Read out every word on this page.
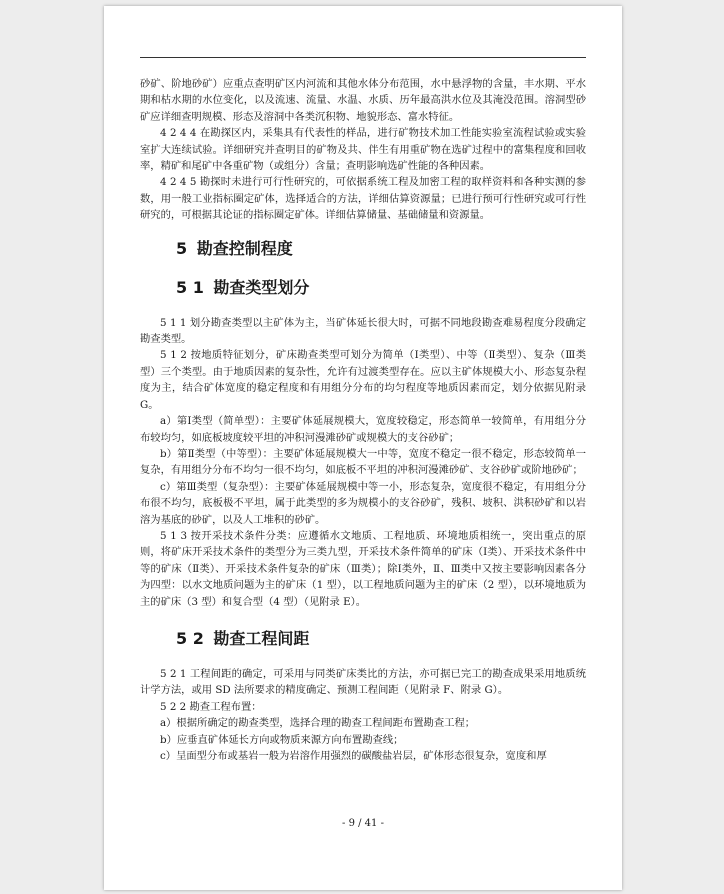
砂矿、阶地砂矿）应重点查明矿区内河流和其他水体分布范围，水中悬浮物的含量，丰水期、平水期和枯水期的水位变化，以及流速、流量、水温、水质、历年最高洪水位及其淹没范围。溶洞型砂矿应详细查明规模、形态及溶洞中各类沉积物、地貌形态、富水特征。

4 2 4 4 在勘探区内，采集具有代表性的样品，进行矿物技术加工性能实验室流程试验或实验室扩大连续试验。详细研究并查明目的矿物及共、伴生有用重矿物在选矿过程中的富集程度和回收率，精矿和尾矿中各重矿物（或组分）含量；查明影响选矿性能的各种因素。

4 2 4 5 勘探时未进行可行性研究的，可依据系统工程及加密工程的取样资料和各种实测的参数，用一般工业指标圈定矿体，选择适合的方法，详细估算资源量；已进行预可行性研究或可行性研究的，可根据其论证的指标圈定矿体。详细估算储量、基础储量和资源量。

5 勘查控制程度
5 1 勘查类型划分

5 1 1 划分勘查类型以主矿体为主，当矿体延长很大时，可据不同地段勘查难易程度分段确定勘查类型。

5 1 2 按地质特征划分，矿床勘查类型可划分为简单（Ⅰ类型）、中等（Ⅱ类型）、复杂（Ⅲ类型）三个类型。由于地质因素的复杂性，允许有过渡类型存在。应以主矿体规模大小、形态复杂程度为主，结合矿体宽度的稳定程度和有用组分分布的均匀程度等地质因素而定，划分依据见附录 G。

a）第Ⅰ类型（简单型）：主要矿体延展规模大，宽度较稳定，形态简单一较简单，有用组分分布较均匀，如底板坡度较平坦的冲积河漫滩砂矿或规模大的支谷砂矿；

b）第Ⅱ类型（中等型）：主要矿体延展规模大一中等，宽度不稳定一很不稳定，形态较简单一复杂，有用组分分布不均匀一很不均匀，如底板不平坦的冲积河漫滩砂矿、支谷砂矿或阶地砂矿；

c）第Ⅲ类型（复杂型）：主要矿体延展规模中等一小，形态复杂，宽度很不稳定，有用组分分布很不均匀，底板极不平坦，属于此类型的多为规模小的支谷砂矿，残积、坡积、洪积砂矿和以岩溶为基底的砂矿，以及人工堆积的砂矿。

5 1 3 按开采技术条件分类：应遵循水文地质、工程地质、环境地质相统一，突出重点的原则，将矿床开采技术条件的类型分为三类九型，开采技术条件简单的矿床（Ⅰ类）、开采技术条件中等的矿床（Ⅱ类）、开采技术条件复杂的矿床（Ⅲ类）；除Ⅰ类外，Ⅱ、Ⅲ类中又按主要影响因素各分为四型：以水文地质问题为主的矿床（1 型），以工程地质问题为主的矿床（2 型），以环境地质为主的矿床（3 型）和复合型（4 型）（见附录 E）。

5 2 勘查工程间距

5 2 1 工程间距的确定，可采用与同类矿床类比的方法，亦可据已完工的勘查成果采用地质统计学方法，或用 SD 法所要求的精度确定、预测工程间距（见附录 F、附录 G）。

5 2 2 勘查工程布置：

a）根据所确定的勘查类型，选择合理的勘查工程间距布置勘查工程；

b）应垂直矿体延长方向或物质来源方向布置勘查线；

c）呈面型分布或基岩一般为岩溶作用强烈的碳酸盐岩层，矿体形态很复杂，宽度和厚

- 9 / 41 -
